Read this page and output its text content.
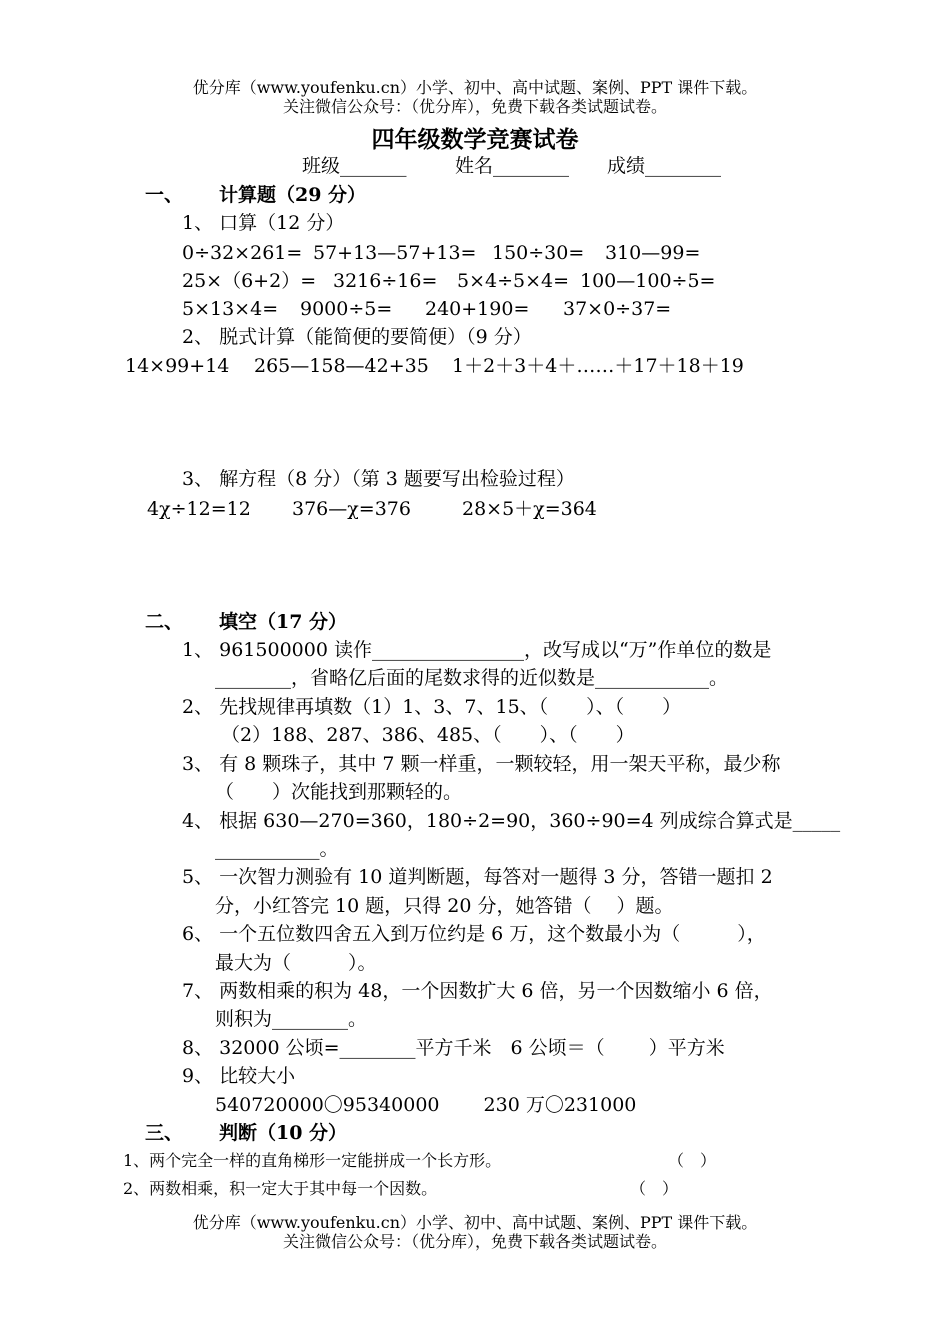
优分库（www.youfenku.cn）小学、初中、高中试题、案例、PPT 课件下载。
关注微信公众号：（优分库），免费下载各类试题试卷。
四年级数学竞赛试卷
班级_______	姓名________ 成绩________
一、 计算题（29 分）
1、 口算（12 分）
0÷32×261= 57+13—57+13= 150÷30= 310—99=
25×（6+2）= 3216÷16= 5×4÷5×4= 100—100÷5=
5×13×4= 9000÷5= 240+190= 37×0÷37=
2、 脱式计算（能简便的要简便）（9 分）
14×99+14 265—158—42+35 1＋2＋3＋4＋……＋17＋18＋19
3、 解方程（8 分）（第 3 题要写出检验过程）
4χ÷12=12 376—χ=376	28×5＋χ=364
二、 填空（17 分）
1、 961500000 读作________________，改写成以“万”作单位的数是
________，省略亿后面的尾数求得的近似数是____________。
2、 先找规律再填数（1）1、3、7、15、（　　）、（　　）
（2）188、287、386、485、（　　）、（　　）
3、 有 8 颗珠子，其中 7 颗一样重，一颗较轻，用一架天平称，最少称
（　　）次能找到那颗轻的。
4、 根据 630—270=360，180÷2=90，360÷90=4 列成综合算式是_____
___________。
5、 一次智力测验有 10 道判断题，每答对一题得 3 分，答错一题扣 2
分，小红答完 10 题，只得 20 分，她答错（　 ）题。
6、 一个五位数四舍五入到万位约是 6 万，这个数最小为（　　　），
最大为（　　　）。
7、 两数相乘的积为 48，一个因数扩大 6 倍，另一个因数缩小 6 倍，
则积为________。
8、 32000 公顷=________平方千米　6 公顷＝（　　 ）平方米
9、 比较大小
540720000〇95340000　　 230 万〇231000
三、 判断（10 分）
1、两个完全一样的直角梯形一定能拼成一个长方形。	（　）
2、两数相乘，积一定大于其中每一个因数。	（　）
优分库（www.youfenku.cn）小学、初中、高中试题、案例、PPT 课件下载。
关注微信公众号：（优分库），免费下载各类试题试卷。
